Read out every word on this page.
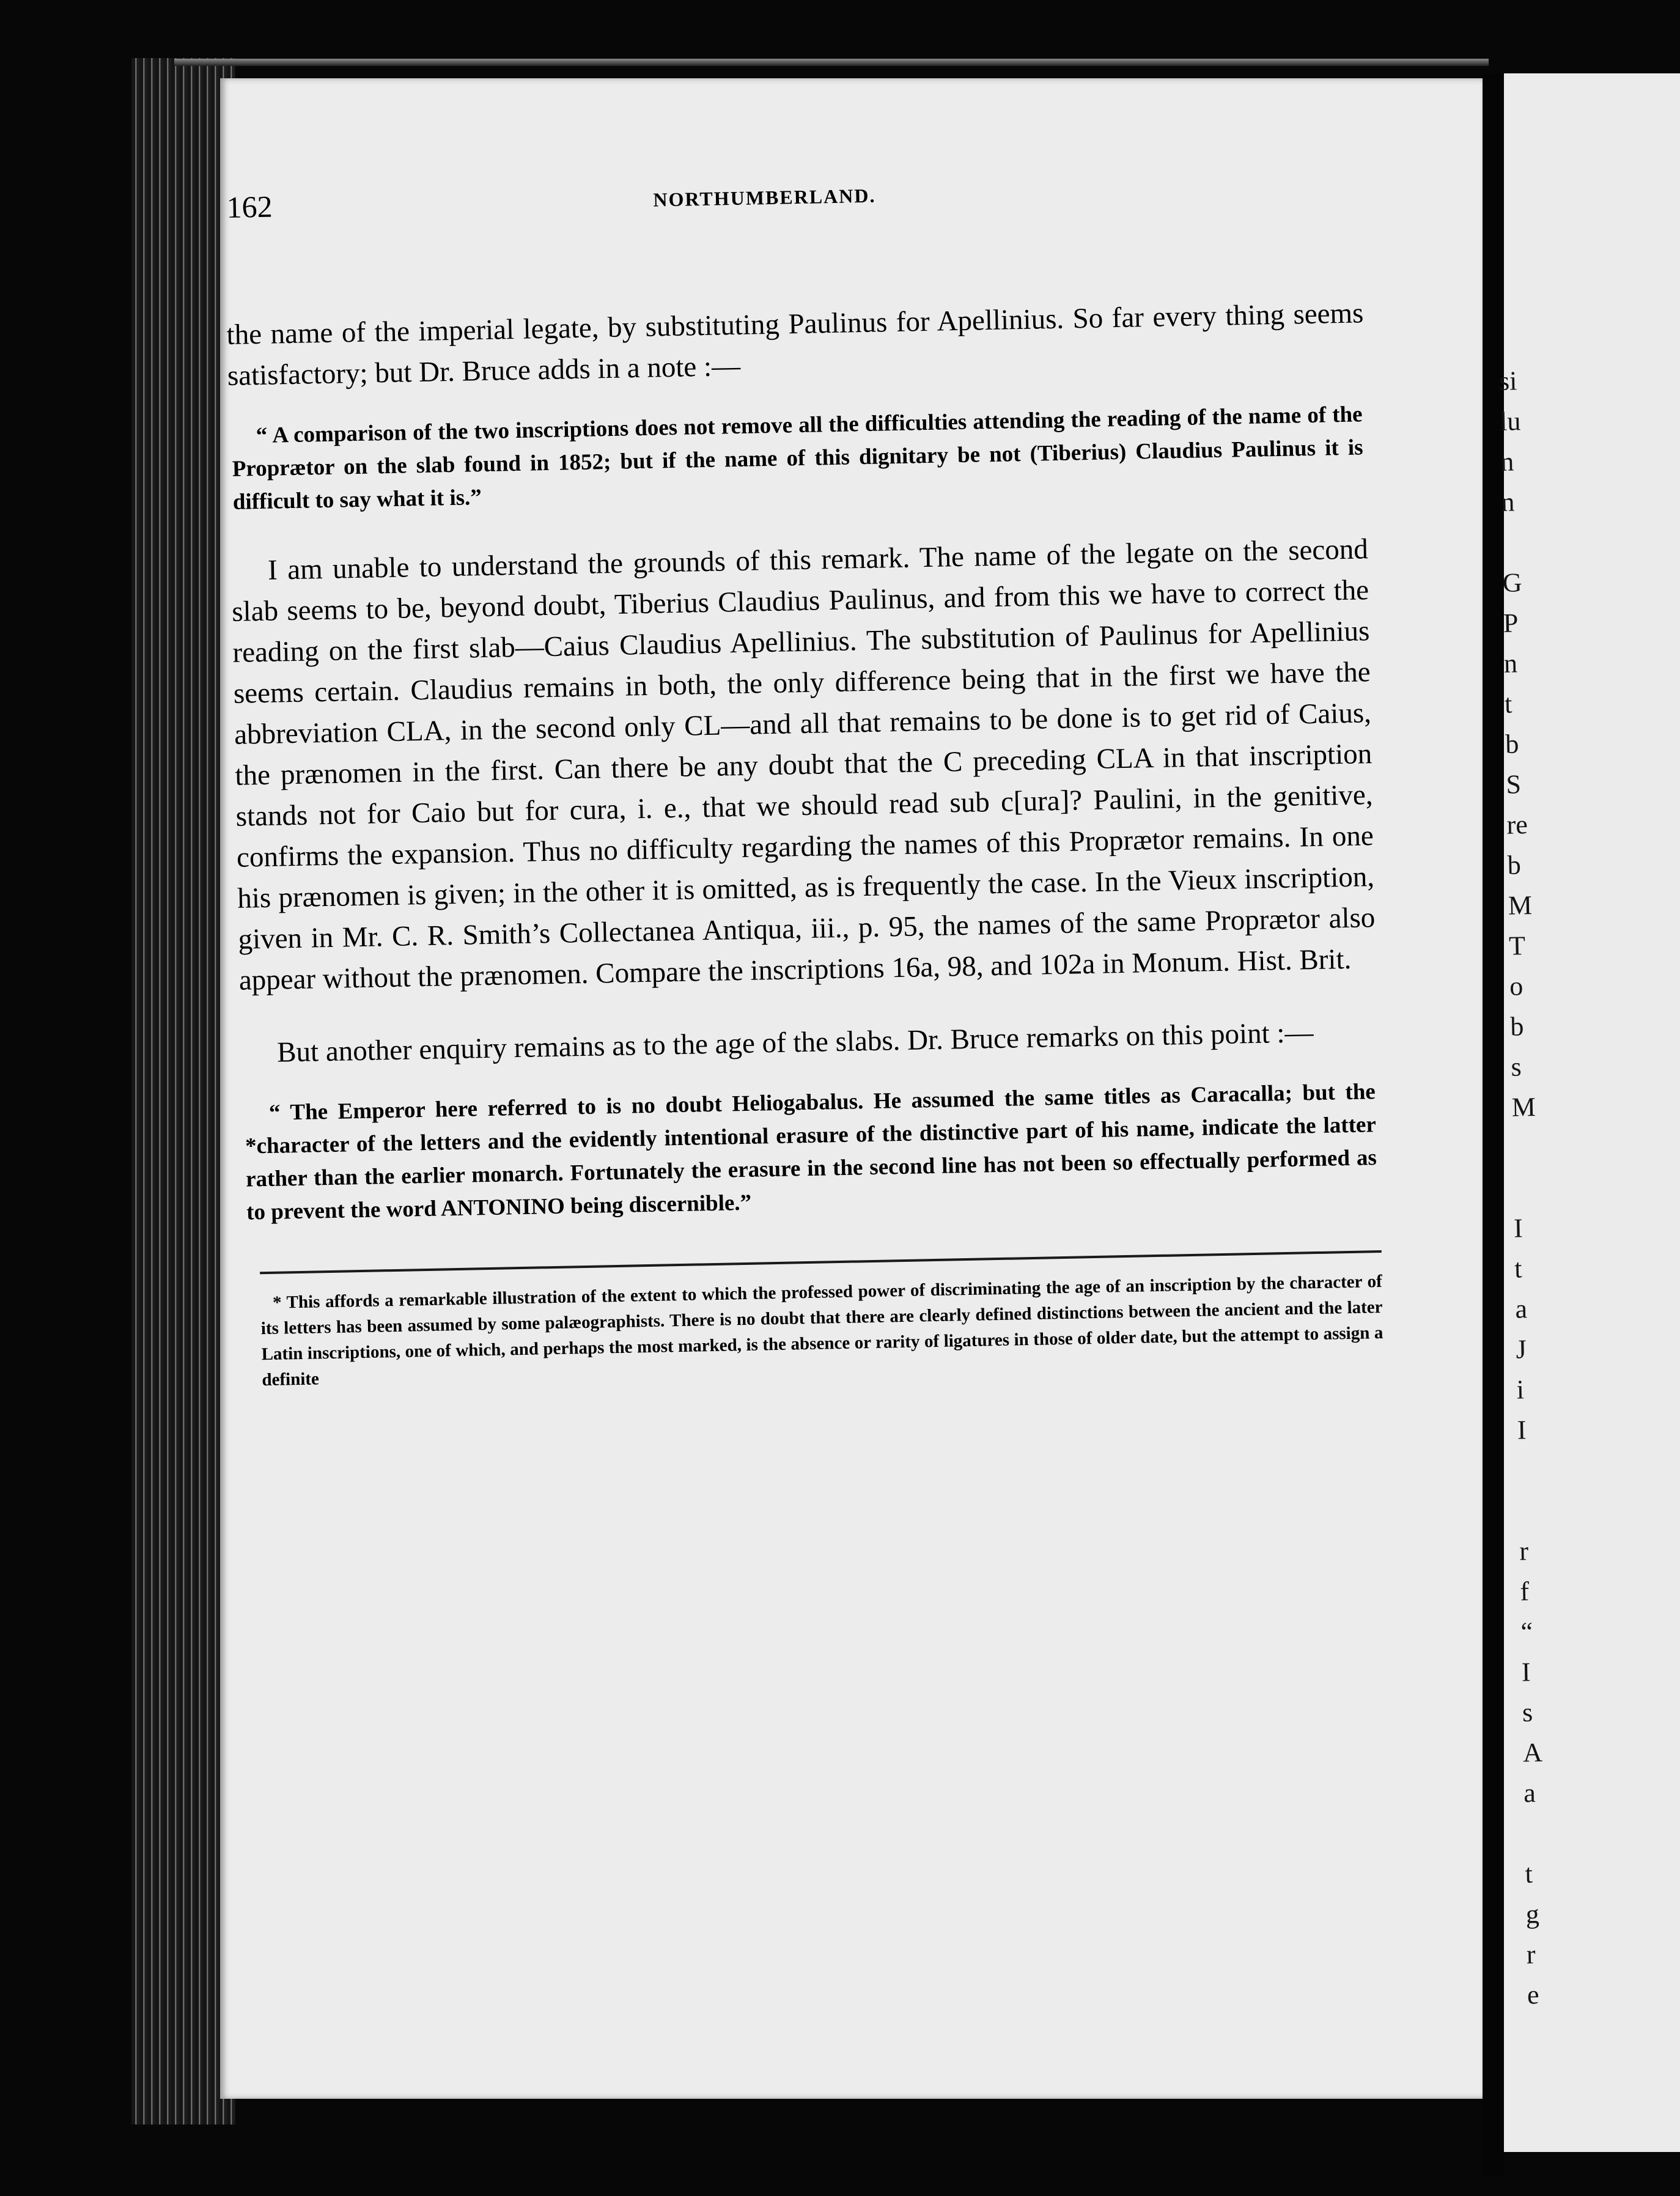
si
lu
n
n
G
P
n
t
b
S
re
b
M
T
o
b
s
M
I
t
a
J
i
I
r
f
“
I
s
A
a
t
g
r
e
162	NORTHUMBERLAND.

the name of the imperial legate, by substituting Paulinus for Apellinius. So far every thing seems satisfactory; but Dr. Bruce adds in a note :—

“ A comparison of the two inscriptions does not remove all the difficulties attending the reading of the name of the Proprætor on the slab found in 1852; but if the name of this dignitary be not (Tiberius) Claudius Paulinus it is difficult to say what it is.”

I am unable to understand the grounds of this remark. The name of the legate on the second slab seems to be, beyond doubt, Tiberius Claudius Paulinus, and from this we have to correct the reading on the first slab—Caius Claudius Apellinius. The substitution of Paulinus for Apellinius seems certain. Claudius remains in both, the only difference being that in the first we have the abbreviation CLA, in the second only CL—and all that remains to be done is to get rid of Caius, the prænomen in the first. Can there be any doubt that the C preceding CLA in that inscription stands not for Caio but for cura, i. e., that we should read sub c[ura]? Paulini, in the genitive, confirms the expansion. Thus no difficulty regarding the names of this Proprætor remains. In one his prænomen is given; in the other it is omitted, as is frequently the case. In the Vieux inscription, given in Mr. C. R. Smith’s Collectanea Antiqua, iii., p. 95, the names of the same Proprætor also appear without the prænomen. Compare the inscriptions 16a, 98, and 102a in Monum. Hist. Brit.

But another enquiry remains as to the age of the slabs. Dr. Bruce remarks on this point :—

“ The Emperor here referred to is no doubt Heliogabalus. He assumed the same titles as Caracalla; but the *character of the letters and the evidently intentional erasure of the distinctive part of his name, indicate the latter rather than the earlier monarch. Fortunately the erasure in the second line has not been so effectually performed as to prevent the word ANTONINO being discernible.”

* This affords a remarkable illustration of the extent to which the professed power of discriminating the age of an inscription by the character of its letters has been assumed by some palæographists. There is no doubt that there are clearly defined distinctions between the ancient and the later Latin inscriptions, one of which, and perhaps the most marked, is the absence or rarity of ligatures in those of older date, but the attempt to assign a definite
